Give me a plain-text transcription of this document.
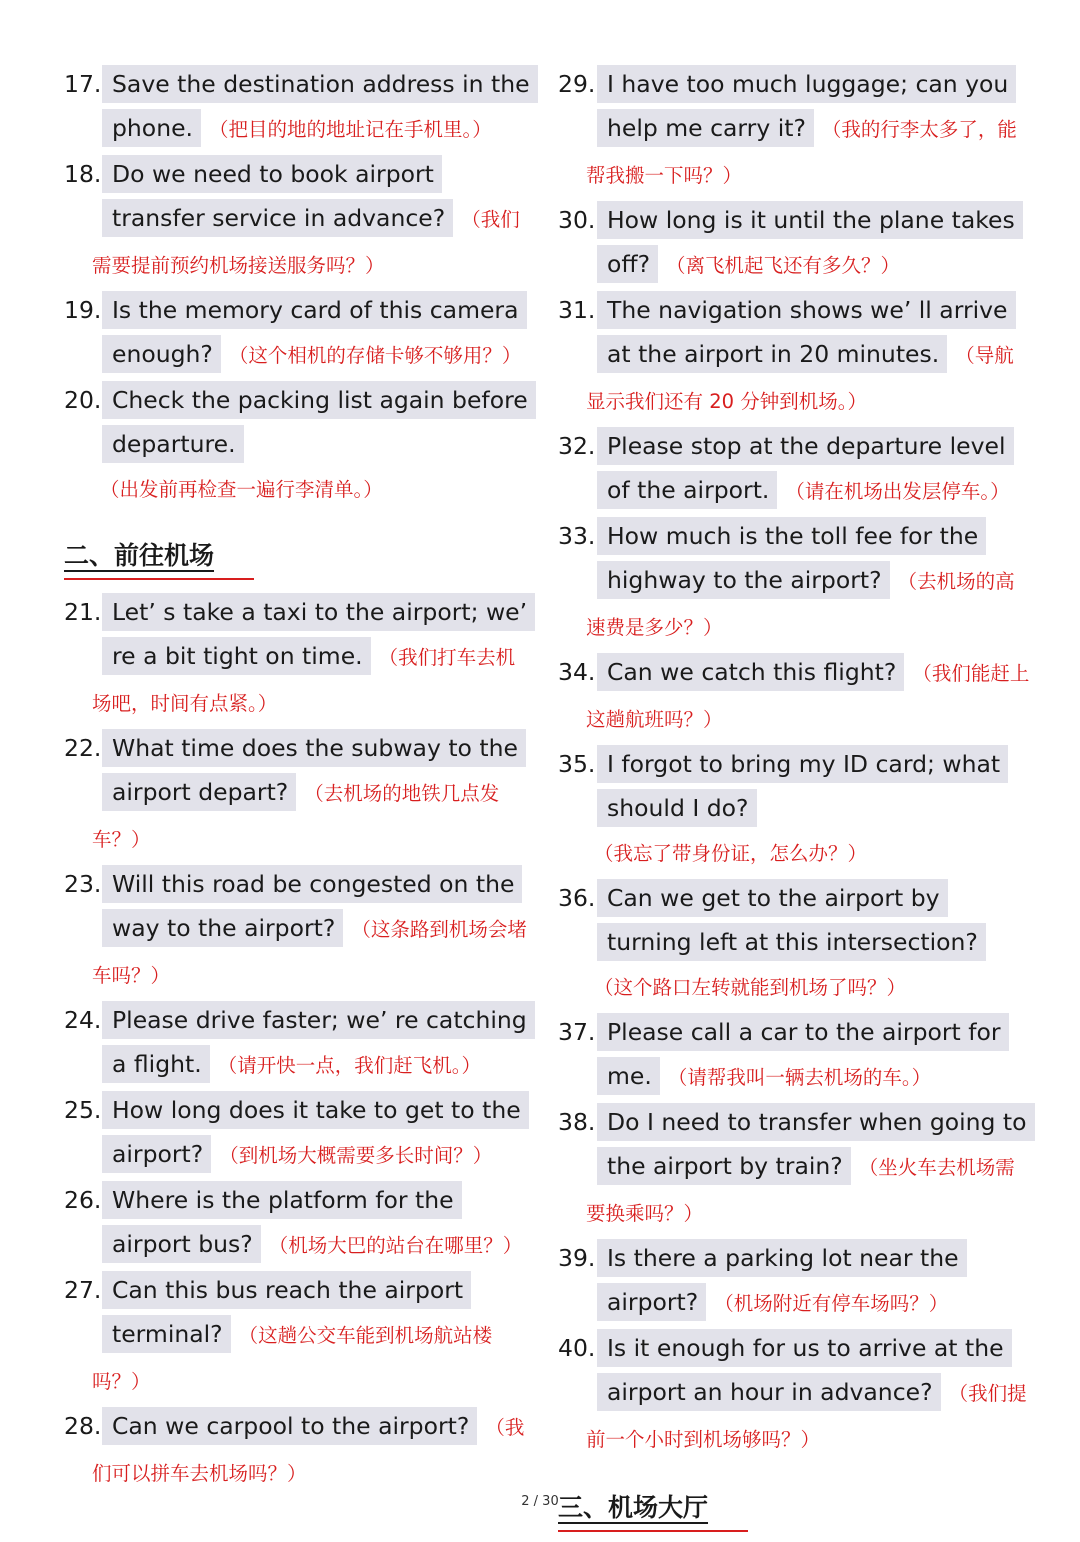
17. Save the destination address in the phone. （把目的地的地址记在手机里。）

18. Do we need to book airport transfer service in advance? （我们需要提前预约机场接送服务吗？）

19. Is the memory card of this camera enough? （这个相机的存储卡够不够用？）

20. Check the packing list again before departure.（出发前再检查一遍行李清单。）

二、前往机场

21. Let’ s take a taxi to the airport; we’ re a bit tight on time. （我们打车去机场吧，时间有点紧。）

22. What time does the subway to the airport depart? （去机场的地铁几点发车？）

23. Will this road be congested on the way to the airport? （这条路到机场会堵车吗？）

24. Please drive faster; we’ re catching a flight. （请开快一点，我们赶飞机。）

25. How long does it take to get to the airport? （到机场大概需要多长时间？）

26. Where is the platform for the airport bus? （机场大巴的站台在哪里？）

27. Can this bus reach the airport terminal? （这趟公交车能到机场航站楼吗？）

28. Can we carpool to the airport? （我们可以拼车去机场吗？）

29. I have too much luggage; can you help me carry it? （我的行李太多了，能帮我搬一下吗？）

30. How long is it until the plane takes off? （离飞机起飞还有多久？）

31. The navigation shows we’ ll arrive at the airport in 20 minutes. （导航显示我们还有 20 分钟到机场。）

32. Please stop at the departure level of the airport. （请在机场出发层停车。）

33. How much is the toll fee for the highway to the airport? （去机场的高速费是多少？）

34. Can we catch this flight? （我们能赶上这趟航班吗？）

35. I forgot to bring my ID card; what should I do?（我忘了带身份证，怎么办？）

36. Can we get to the airport by turning left at this intersection?（这个路口左转就能到机场了吗？）

37. Please call a car to the airport for me. （请帮我叫一辆去机场的车。）

38. Do I need to transfer when going to the airport by train? （坐火车去机场需要换乘吗？）

39. Is there a parking lot near the airport? （机场附近有停车场吗？）

40. Is it enough for us to arrive at the airport an hour in advance? （我们提前一个小时到机场够吗？）

三、机场大厅
2 / 30
